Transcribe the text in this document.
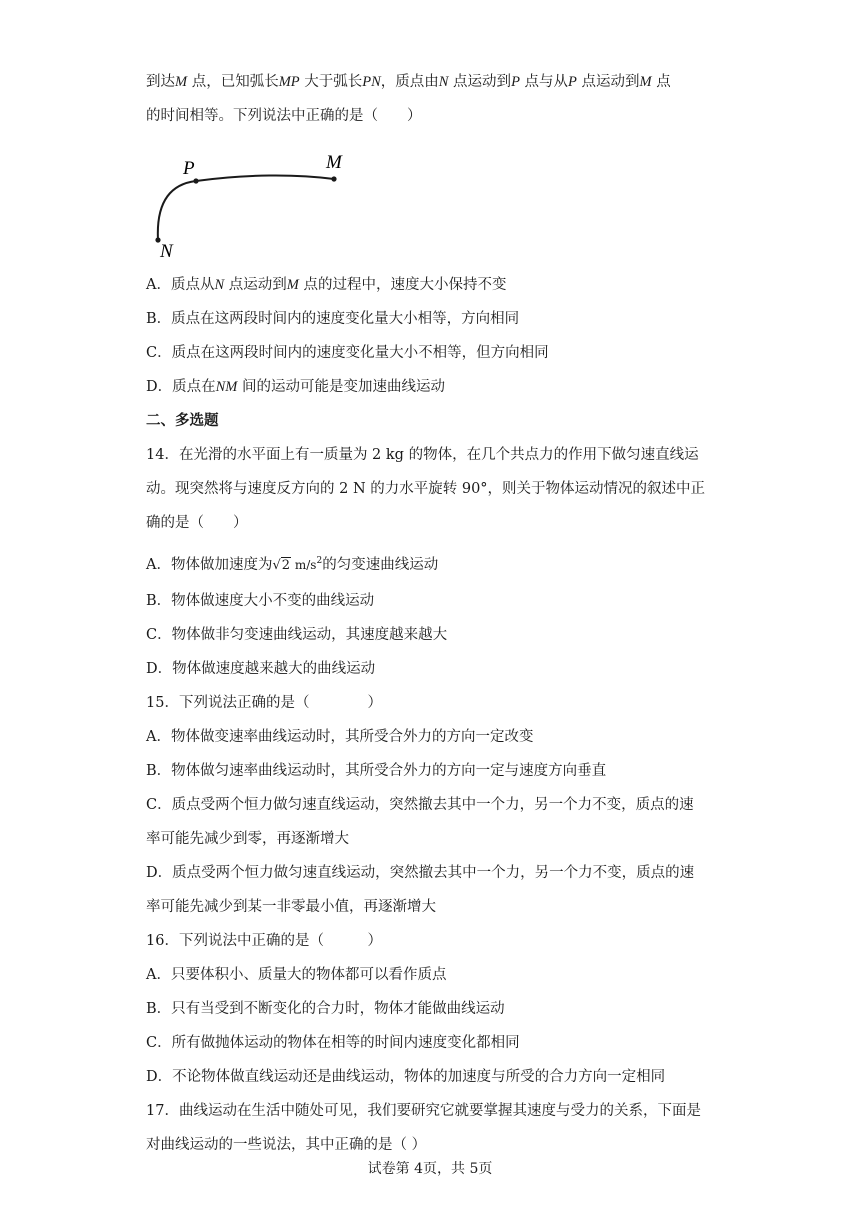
到达M 点，已知弧长MP 大于弧长PN，质点由N 点运动到P 点与从P 点运动到M 点
的时间相等。下列说法中正确的是（　　）
P	M
N
A．质点从N 点运动到M 点的过程中，速度大小保持不变
B．质点在这两段时间内的速度变化量大小相等，方向相同
C．质点在这两段时间内的速度变化量大小不相等，但方向相同
D．质点在NM 间的运动可能是变加速曲线运动
二、多选题
14．在光滑的水平面上有一质量为 2 kg 的物体，在几个共点力的作用下做匀速直线运
动。现突然将与速度反方向的 2 N 的力水平旋转 90°，则关于物体运动情况的叙述中正
确的是（　　）
A．物体做加速度为√2 $m/s^2$的匀变速曲线运动
B．物体做速度大小不变的曲线运动
C．物体做非匀变速曲线运动，其速度越来越大
D．物体做速度越来越大的曲线运动
15．下列说法正确的是（　　　　）
A．物体做变速率曲线运动时，其所受合外力的方向一定改变
B．物体做匀速率曲线运动时，其所受合外力的方向一定与速度方向垂直
C．质点受两个恒力做匀速直线运动，突然撤去其中一个力，另一个力不变，质点的速
率可能先减少到零，再逐渐增大
D．质点受两个恒力做匀速直线运动，突然撤去其中一个力，另一个力不变，质点的速
率可能先减少到某一非零最小值，再逐渐增大
16．下列说法中正确的是（　　　）
A．只要体积小、质量大的物体都可以看作质点
B．只有当受到不断变化的合力时，物体才能做曲线运动
C．所有做抛体运动的物体在相等的时间内速度变化都相同
D．不论物体做直线运动还是曲线运动，物体的加速度与所受的合力方向一定相同
17．曲线运动在生活中随处可见，我们要研究它就要掌握其速度与受力的关系，下面是
对曲线运动的一些说法，其中正确的是（ ）
试卷第 4页，共 5页
